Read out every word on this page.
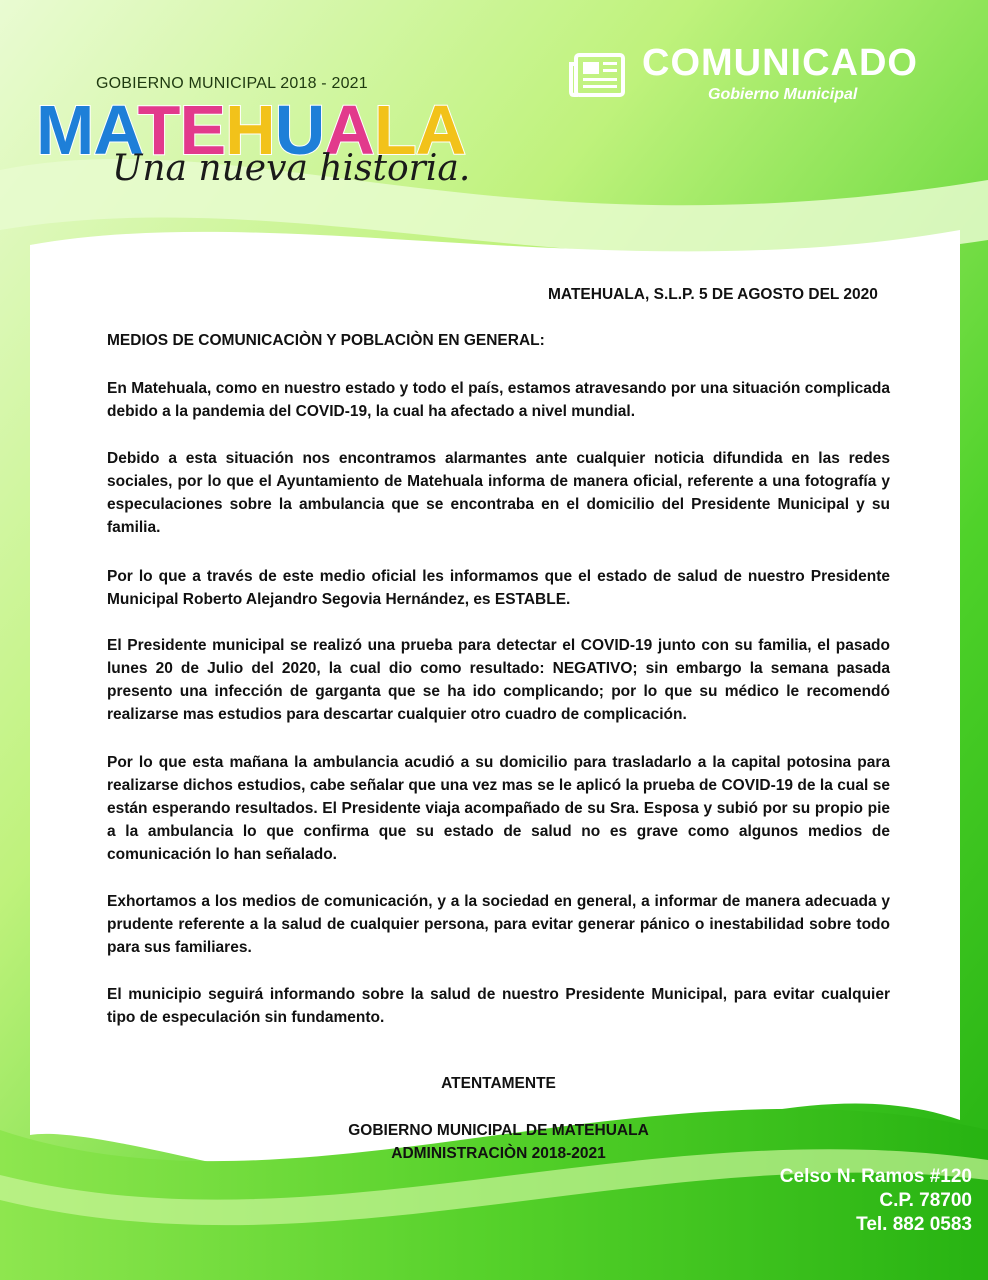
GOBIERNO MUNICIPAL 2018 - 2021
MATEHUALA
Una nueva historia.
COMUNICADO
Gobierno Municipal
MATEHUALA, S.L.P. 5 DE AGOSTO DEL 2020
MEDIOS DE COMUNICACIÒN Y POBLACIÒN EN GENERAL:
En Matehuala, como en nuestro estado y todo el país, estamos atravesando por una situación complicada debido a la pandemia del COVID-19, la cual ha afectado a nivel mundial.
Debido a esta situación nos encontramos alarmantes ante cualquier noticia difundida en las redes sociales, por lo que el Ayuntamiento de Matehuala informa de manera oficial, referente a una fotografía y especulaciones sobre la ambulancia que se encontraba en el domicilio del Presidente Municipal y su familia.
Por lo que a través de este medio oficial les informamos que el estado de salud de nuestro Presidente Municipal Roberto Alejandro Segovia Hernández, es ESTABLE.
El Presidente municipal se realizó una prueba para detectar el COVID-19 junto con su familia, el pasado lunes 20 de Julio del 2020, la cual dio como resultado: NEGATIVO; sin embargo la semana pasada presento una infección de garganta que se ha ido complicando; por lo que su médico le recomendó realizarse mas estudios para descartar cualquier otro cuadro de complicación.
Por lo que esta mañana la ambulancia acudió a su domicilio para trasladarlo a la capital potosina para realizarse dichos estudios, cabe señalar que una vez mas se le aplicó la prueba de COVID-19 de la cual se están esperando resultados. El Presidente viaja acompañado de su Sra. Esposa y subió por su propio pie a la ambulancia lo que confirma que su estado de salud no es grave como algunos medios de comunicación lo han señalado.
Exhortamos a los medios de comunicación, y a la sociedad en general, a informar de manera adecuada y prudente referente a la salud de cualquier persona, para evitar generar pánico o inestabilidad sobre todo para sus familiares.
El municipio seguirá informando sobre la salud de nuestro Presidente Municipal, para evitar cualquier tipo de especulación sin fundamento.
ATENTAMENTE
GOBIERNO MUNICIPAL DE MATEHUALA
ADMINISTRACIÒN 2018-2021
Celso N. Ramos #120
C.P. 78700
Tel. 882 0583
